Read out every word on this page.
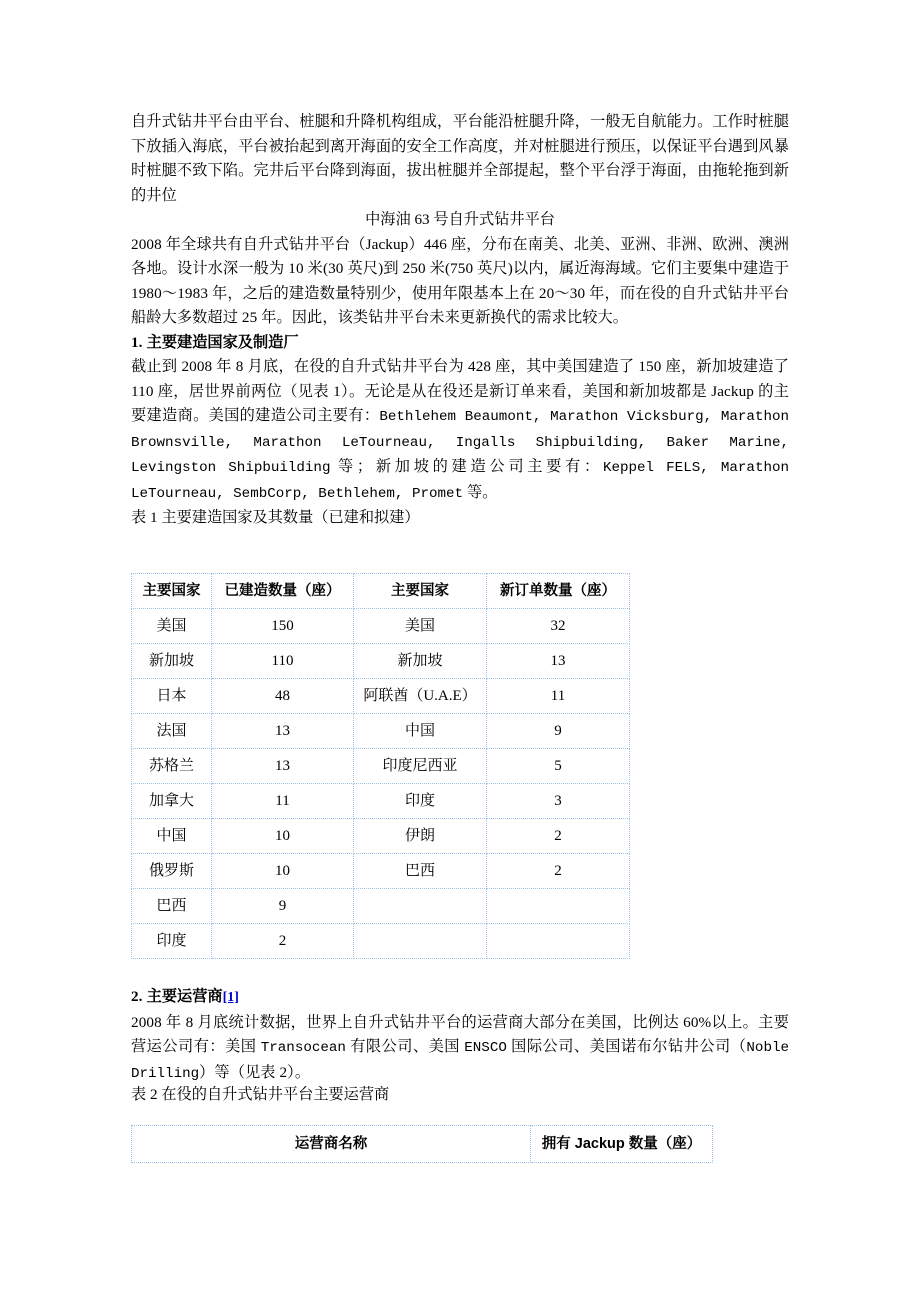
自升式钻井平台由平台、桩腿和升降机构组成，平台能沿桩腿升降，一般无自航能力。工作时桩腿下放插入海底，平台被抬起到离开海面的安全工作高度，并对桩腿进行预压，以保证平台遇到风暴时桩腿不致下陷。完井后平台降到海面，拔出桩腿并全部提起，整个平台浮于海面，由拖轮拖到新的井位

中海油 63 号自升式钻井平台

2008 年全球共有自升式钻井平台（Jackup）446 座，分布在南美、北美、亚洲、非洲、欧洲、澳洲各地。设计水深一般为 10 米(30 英尺)到 250 米(750 英尺)以内，属近海海域。它们主要集中建造于 1980～1983 年，之后的建造数量特别少，使用年限基本上在 20～30 年，而在役的自升式钻井平台船龄大多数超过 25 年。因此，该类钻井平台未来更新换代的需求比较大。

1. 主要建造国家及制造厂

截止到 2008 年 8 月底，在役的自升式钻井平台为 428 座，其中美国建造了 150 座，新加坡建造了 110 座，居世界前两位（见表 1）。无论是从在役还是新订单来看，美国和新加坡都是 Jackup 的主要建造商。美国的建造公司主要有：Bethlehem Beaumont, Marathon Vicksburg, Marathon Brownsville, Marathon LeTourneau, Ingalls Shipbuilding, Baker Marine, Levingston Shipbuilding 等；新加坡的建造公司主要有：Keppel FELS, Marathon LeTourneau, SembCorp, Bethlehem, Promet 等。

表 1 主要建造国家及其数量（已建和拟建）

主要国家	已建造数量（座）	主要国家	新订单数量（座）
美国	150	美国	32
新加坡	110	新加坡	13
日本	48	阿联酋（U.A.E）	11
法国	13	中国	9
苏格兰	13	印度尼西亚	5
加拿大	11	印度	3
中国	10	伊朗	2
俄罗斯	10	巴西	2
巴西	9		
印度	2		

2. 主要运营商[1]

2008 年 8 月底统计数据，世界上自升式钻井平台的运营商大部分在美国，比例达 60%以上。主要营运公司有：美国 Transocean 有限公司、美国 ENSCO 国际公司、美国诺布尔钻井公司（Noble Drilling）等（见表 2）。

表 2 在役的自升式钻井平台主要运营商

运营商名称	拥有 Jackup 数量（座）
